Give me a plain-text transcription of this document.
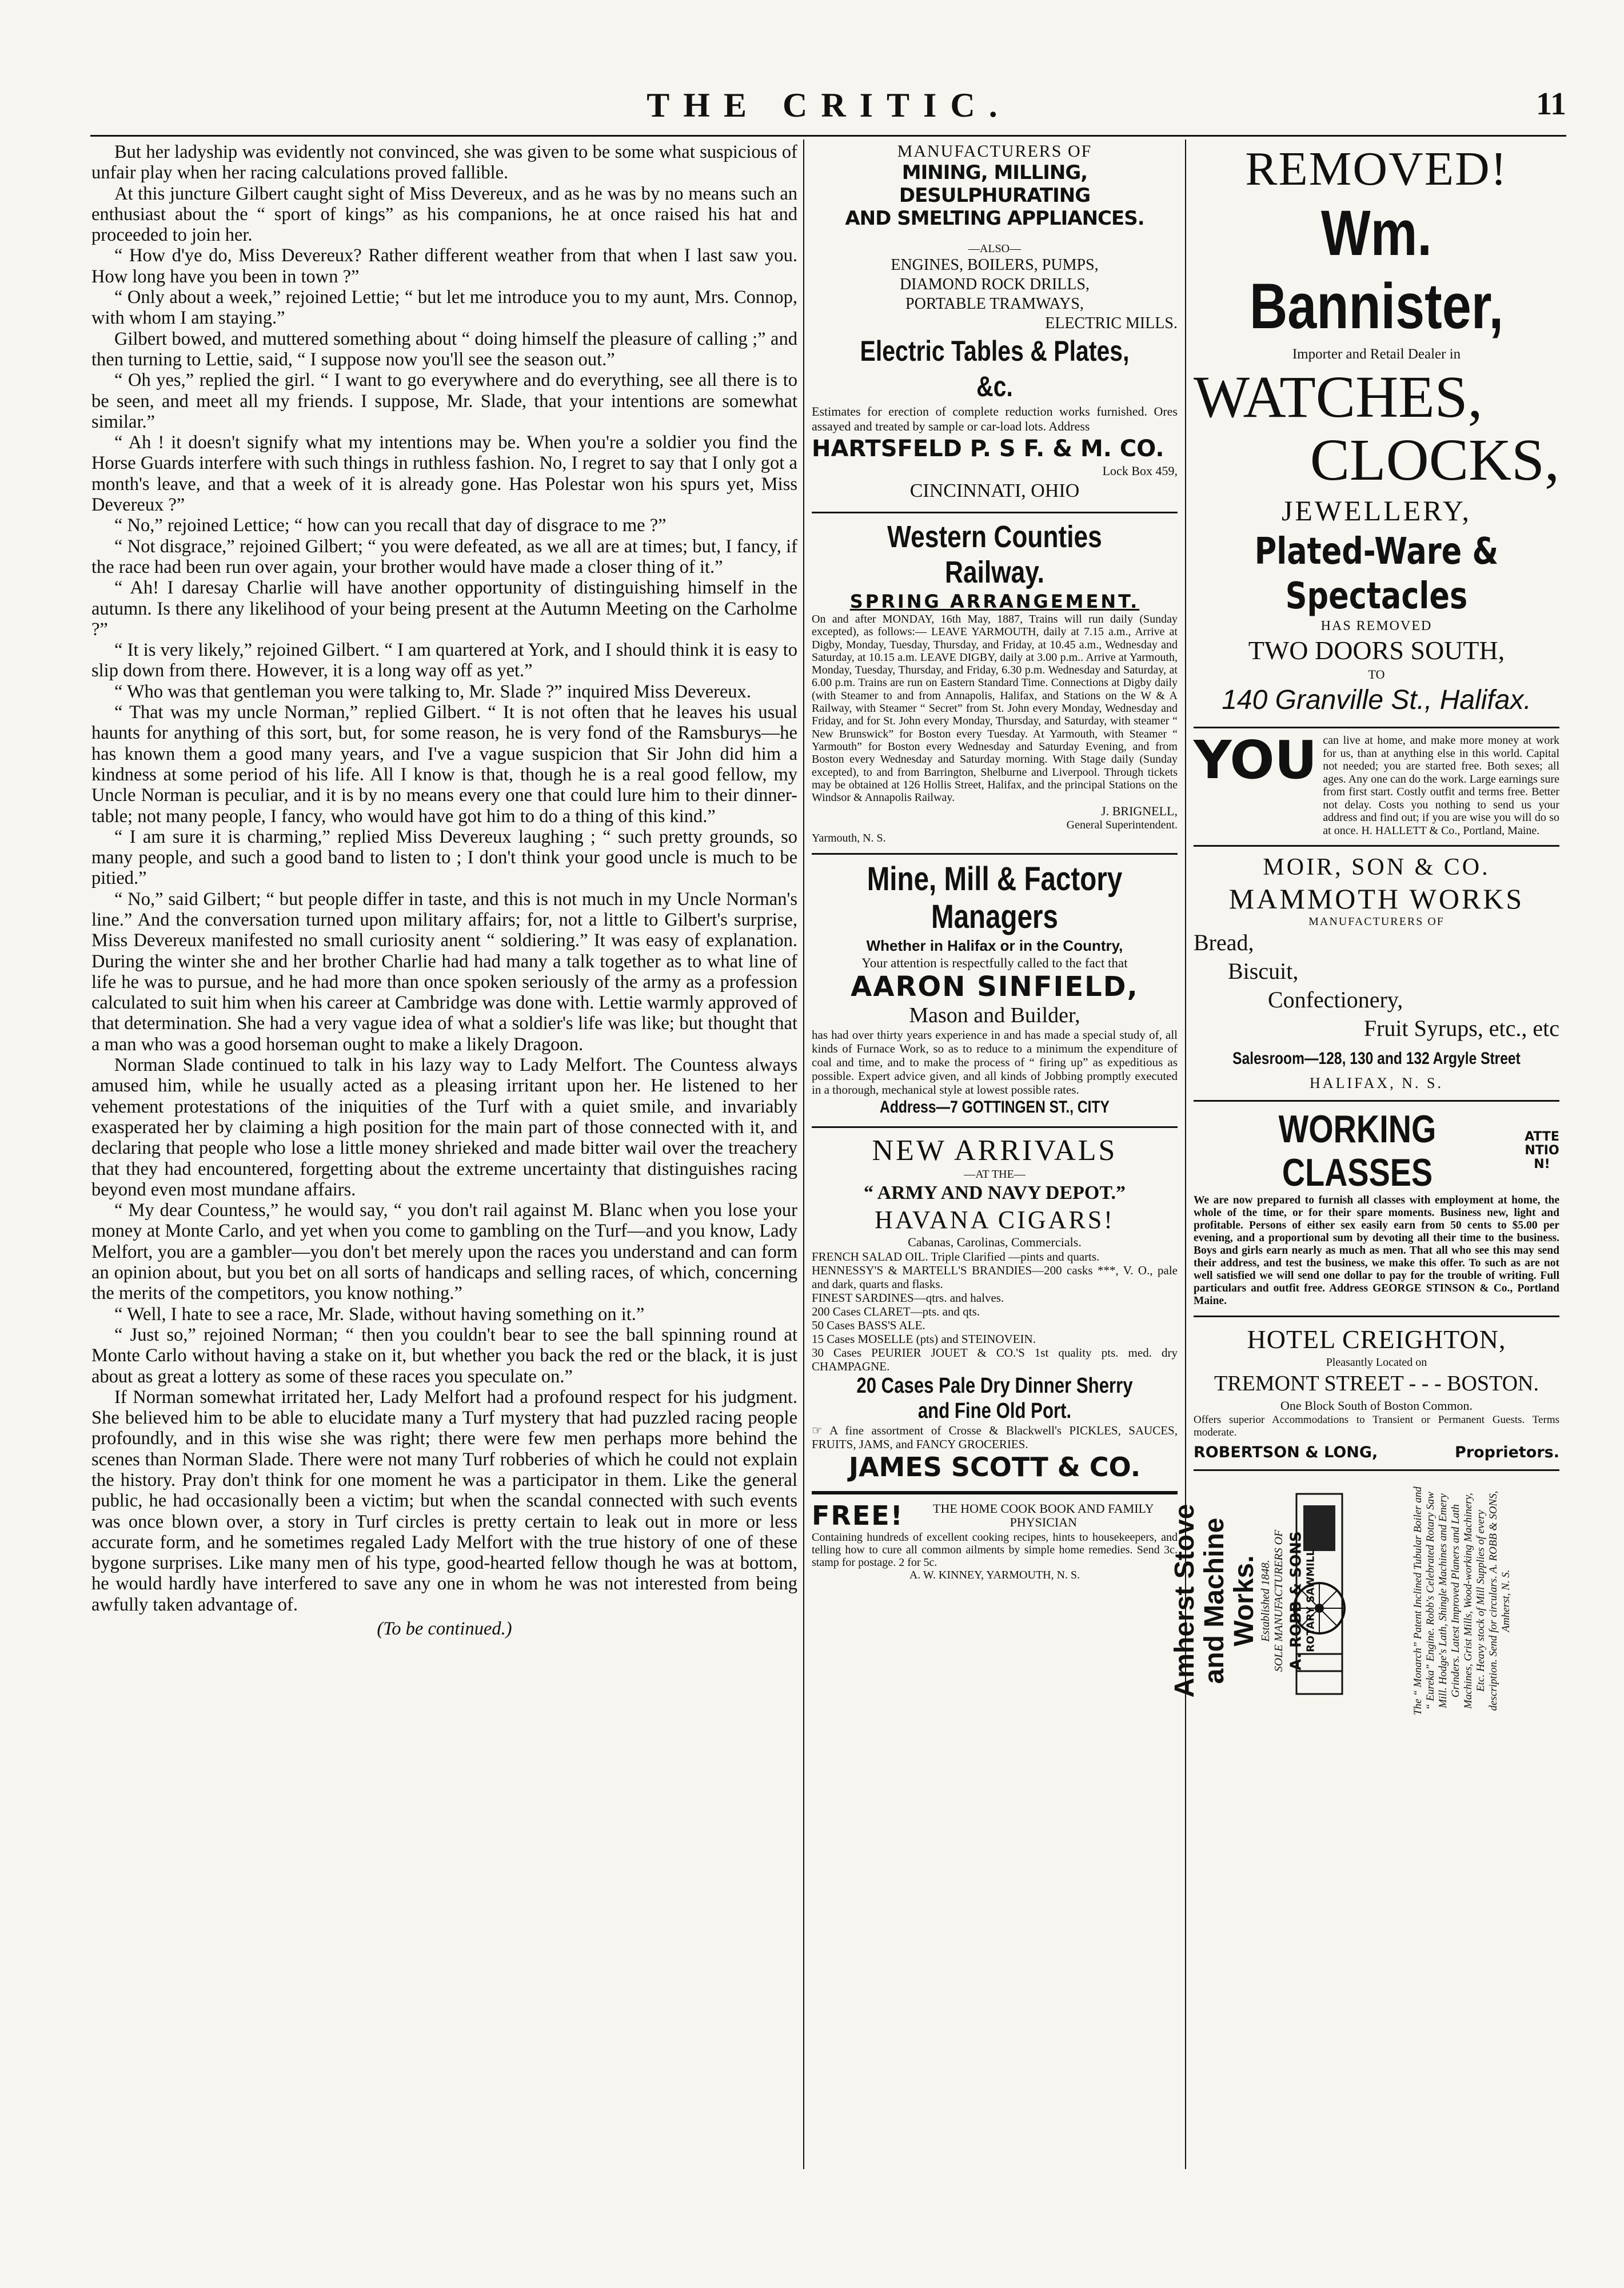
THE CRITIC.	11

But her ladyship was evidently not convinced, she was given to be some what suspicious of unfair play when her racing calculations proved fallible.

At this juncture Gilbert caught sight of Miss Devereux, and as he was by no means such an enthusiast about the “ sport of kings” as his companions, he at once raised his hat and proceeded to join her.

“ How d'ye do, Miss Devereux? Rather different weather from that when I last saw you. How long have you been in town ?”

“ Only about a week,” rejoined Lettie; “ but let me introduce you to my aunt, Mrs. Connop, with whom I am staying.”

Gilbert bowed, and muttered something about “ doing himself the pleasure of calling ;” and then turning to Lettie, said, “ I suppose now you'll see the season out.”

“ Oh yes,” replied the girl. “ I want to go everywhere and do everything, see all there is to be seen, and meet all my friends. I suppose, Mr. Slade, that your intentions are somewhat similar.”

“ Ah ! it doesn't signify what my intentions may be. When you're a soldier you find the Horse Guards interfere with such things in ruthless fashion. No, I regret to say that I only got a month's leave, and that a week of it is already gone. Has Polestar won his spurs yet, Miss Devereux ?”

“ No,” rejoined Lettice; “ how can you recall that day of disgrace to me ?”

“ Not disgrace,” rejoined Gilbert; “ you were defeated, as we all are at times; but, I fancy, if the race had been run over again, your brother would have made a closer thing of it.”

“ Ah! I daresay Charlie will have another opportunity of distinguishing himself in the autumn. Is there any likelihood of your being present at the Autumn Meeting on the Carholme ?”

“ It is very likely,” rejoined Gilbert. “ I am quartered at York, and I should think it is easy to slip down from there. However, it is a long way off as yet.”

“ Who was that gentleman you were talking to, Mr. Slade ?” inquired Miss Devereux.

“ That was my uncle Norman,” replied Gilbert. “ It is not often that he leaves his usual haunts for anything of this sort, but, for some reason, he is very fond of the Ramsburys—he has known them a good many years, and I've a vague suspicion that Sir John did him a kindness at some period of his life. All I know is that, though he is a real good fellow, my Uncle Norman is peculiar, and it is by no means every one that could lure him to their dinner-table; not many people, I fancy, who would have got him to do a thing of this kind.”

“ I am sure it is charming,” replied Miss Devereux laughing ; “ such pretty grounds, so many people, and such a good band to listen to ; I don't think your good uncle is much to be pitied.”

“ No,” said Gilbert; “ but people differ in taste, and this is not much in my Uncle Norman's line.” And the conversation turned upon military affairs; for, not a little to Gilbert's surprise, Miss Devereux manifested no small curiosity anent “ soldiering.” It was easy of explanation. During the winter she and her brother Charlie had had many a talk together as to what line of life he was to pursue, and he had more than once spoken seriously of the army as a profession calculated to suit him when his career at Cambridge was done with. Lettie warmly approved of that determination. She had a very vague idea of what a soldier's life was like; but thought that a man who was a good horseman ought to make a likely Dragoon.

Norman Slade continued to talk in his lazy way to Lady Melfort. The Countess always amused him, while he usually acted as a pleasing irritant upon her. He listened to her vehement protestations of the iniquities of the Turf with a quiet smile, and invariably exasperated her by claiming a high position for the main part of those connected with it, and declaring that people who lose a little money shrieked and made bitter wail over the treachery that they had encountered, forgetting about the extreme uncertainty that distinguishes racing beyond even most mundane affairs.

“ My dear Countess,” he would say, “ you don't rail against M. Blanc when you lose your money at Monte Carlo, and yet when you come to gambling on the Turf—and you know, Lady Melfort, you are a gambler—you don't bet merely upon the races you understand and can form an opinion about, but you bet on all sorts of handicaps and selling races, of which, concerning the merits of the competitors, you know nothing.”

“ Well, I hate to see a race, Mr. Slade, without having something on it.”

“ Just so,” rejoined Norman; “ then you couldn't bear to see the ball spinning round at Monte Carlo without having a stake on it, but whether you back the red or the black, it is just about as great a lottery as some of these races you speculate on.”

If Norman somewhat irritated her, Lady Melfort had a profound respect for his judgment. She believed him to be able to elucidate many a Turf mystery that had puzzled racing people profoundly, and in this wise she was right; there were few men perhaps more behind the scenes than Norman Slade. There were not many Turf robberies of which he could not explain the history. Pray don't think for one moment he was a participator in them. Like the general public, he had occasionally been a victim; but when the scandal connected with such events was once blown over, a story in Turf circles is pretty certain to leak out in more or less accurate form, and he sometimes regaled Lady Melfort with the true history of one of these bygone surprises. Like many men of his type, good-hearted fellow though he was at bottom, he would hardly have interfered to save any one in whom he was not interested from being awfully taken advantage of.

(To be continued.)

MANUFACTURERS OF
MINING, MILLING, DESULPHURATING
AND SMELTING APPLIANCES.
—ALSO—
ENGINES, BOILERS, PUMPS,
DIAMOND ROCK DRILLS,
PORTABLE TRAMWAYS,
ELECTRIC MILLS.
Electric Tables & Plates, &c.
Estimates for erection of complete reduction works furnished. Ores assayed and treated by sample or car-load lots. Address
HARTSFELD P. S F. & M. CO.
Lock Box 459,
CINCINNATI, OHIO
Western Counties Railway.
SPRING ARRANGEMENT.
On and after MONDAY, 16th May, 1887, Trains will run daily (Sunday excepted), as follows:— LEAVE YARMOUTH, daily at 7.15 a.m., Arrive at Digby, Monday, Tuesday, Thursday, and Friday, at 10.45 a.m., Wednesday and Saturday, at 10.15 a.m. LEAVE DIGBY, daily at 3.00 p.m.. Arrive at Yarmouth, Monday, Tuesday, Thursday, and Friday, 6.30 p.m. Wednesday and Saturday, at 6.00 p.m. Trains are run on Eastern Standard Time. Connections at Digby daily (with Steamer to and from Annapolis, Halifax, and Stations on the W & A Railway, with Steamer “ Secret” from St. John every Monday, Wednesday and Friday, and for St. John every Monday, Thursday, and Saturday, with steamer “ New Brunswick” for Boston every Tuesday. At Yarmouth, with Steamer “ Yarmouth” for Boston every Wednesday and Saturday Evening, and from Boston every Wednesday and Saturday morning. With Stage daily (Sunday excepted), to and from Barrington, Shelburne and Liverpool. Through tickets may be obtained at 126 Hollis Street, Halifax, and the principal Stations on the Windsor & Annapolis Railway.
J. BRIGNELL,
General Superintendent.
Yarmouth, N. S.
Mine, Mill & Factory Managers
Whether in Halifax or in the Country,
Your attention is respectfully called to the fact that
AARON SINFIELD,
Mason and Builder,
has had over thirty years experience in and has made a special study of, all kinds of Furnace Work, so as to reduce to a minimum the expenditure of coal and time, and to make the process of “ firing up” as expeditious as possible. Expert advice given, and all kinds of Jobbing promptly executed in a thorough, mechanical style at lowest possible rates.
Address—7 GOTTINGEN ST., CITY
NEW ARRIVALS
—AT THE—
“ ARMY AND NAVY DEPOT.”
HAVANA CIGARS!
Cabanas, Carolinas, Commercials.
FRENCH SALAD OIL. Triple Clarified —pints and quarts.
HENNESSY'S & MARTELL'S BRANDIES—200 casks ***, V. O., pale and dark, quarts and flasks.
FINEST SARDINES—qtrs. and halves.
200 Cases CLARET—pts. and qts.
50 Cases BASS'S ALE.
15 Cases MOSELLE (pts) and STEINOVEIN.
30 Cases PEURIER JOUET & CO.'S 1st quality pts. med. dry CHAMPAGNE.
20 Cases Pale Dry Dinner Sherry and Fine Old Port.
☞ A fine assortment of Crosse & Blackwell's PICKLES, SAUCES, FRUITS, JAMS, and FANCY GROCERIES.
JAMES SCOTT & CO.
FREE!	THE HOME COOK BOOK AND FAMILY PHYSICIAN
Containing hundreds of excellent cooking recipes, hints to housekeepers, and telling how to cure all common ailments by simple home remedies. Send 3c. stamp for postage. 2 for 5c.
A. W. KINNEY, YARMOUTH, N. S.
REMOVED!
Wm. Bannister,
Importer and Retail Dealer in
WATCHES,
CLOCKS,
JEWELLERY,
Plated-Ware & Spectacles
HAS REMOVED
TWO DOORS SOUTH,
TO
140 Granville St., Halifax.
YOU can live at home, and make more money at work for us, than at anything else in this world. Capital not needed; you are started free. Both sexes; all ages. Any one can do the work. Large earnings sure from first start. Costly outfit and terms free. Better not delay. Costs you nothing to send us your address and find out; if you are wise you will do so at once. H. HALLETT & Co., Portland, Maine.
MOIR, SON & CO.
MAMMOTH WORKS
MANUFACTURERS OF
Bread,
Biscuit,
Confectionery,
Fruit Syrups, etc., etc
Salesroom—128, 130 and 132 Argyle Street
HALIFAX, N. S.
WORKING CLASSES
ATTENTION!
We are now prepared to furnish all classes with employment at home, the whole of the time, or for their spare moments. Business new, light and profitable. Persons of either sex easily earn from 50 cents to $5.00 per evening, and a proportional sum by devoting all their time to the business. Boys and girls earn nearly as much as men. That all who see this may send their address, and test the business, we make this offer. To such as are not well satisfied we will send one dollar to pay for the trouble of writing. Full particulars and outfit free. Address GEORGE STINSON & Co., Portland Maine.
HOTEL CREIGHTON,
Pleasantly Located on
TREMONT STREET - - - BOSTON.
One Block South of Boston Common.
Offers superior Accommodations to Transient or Permanent Guests. Terms moderate.
ROBERTSON & LONG,	Proprietors.
Amherst Stove and Machine Works. Established 1848. SOLE MANUFACTURERS OF A. ROBB & SONS ROTARY SAWMILL	The “ Monarch” Patent Inclined Tubular Boiler and “ Eureka” Engine. Robb's Celebrated Rotary Saw Mill. Hodge's Lath, Shingle Machines and Emery Grinders. Latest Improved Planers and Lath Machines, Grist Mills, Wood-working Machinery, Etc. Heavy stock of Mill Supplies of every description. Send for circulars. A. ROBB & SONS, Amherst, N. S.
